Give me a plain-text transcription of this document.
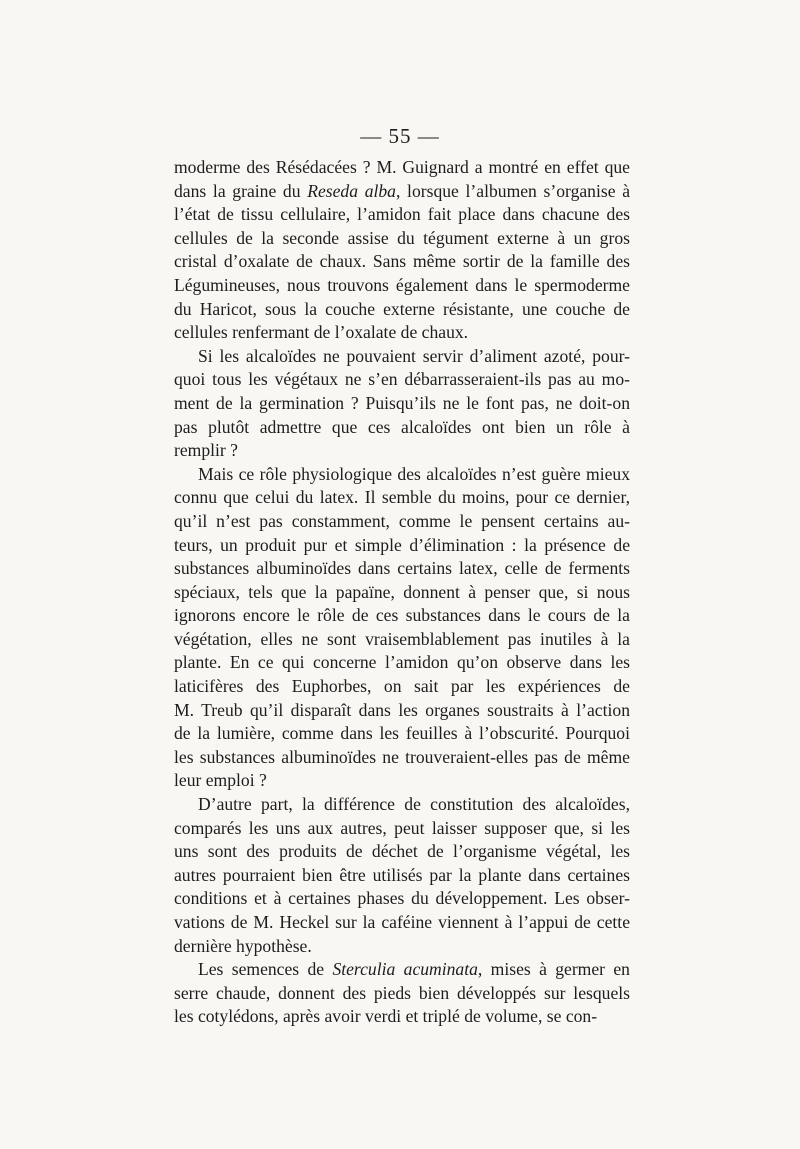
— 55 —
moderme des Résédacées ? M. Guignard a montré en effet que
dans la graine du Reseda alba, lorsque l’albumen s’organise à
l’état de tissu cellulaire, l’amidon fait place dans chacune des
cellules de la seconde assise du tégument externe à un gros
cristal d’oxalate de chaux. Sans même sortir de la famille des
Légumineuses, nous trouvons également dans le spermoderme
du Haricot, sous la couche externe résistante, une couche de
cellules renfermant de l’oxalate de chaux.
Si les alcaloïdes ne pouvaient servir d’aliment azoté, pour-
quoi tous les végétaux ne s’en débarrasseraient-ils pas au mo-
ment de la germination ? Puisqu’ils ne le font pas, ne doit-on
pas plutôt admettre que ces alcaloïdes ont bien un rôle à
remplir ?
Mais ce rôle physiologique des alcaloïdes n’est guère mieux
connu que celui du latex. Il semble du moins, pour ce dernier,
qu’il n’est pas constamment, comme le pensent certains au-
teurs, un produit pur et simple d’élimination : la présence de
substances albuminoïdes dans certains latex, celle de ferments
spéciaux, tels que la papaïne, donnent à penser que, si nous
ignorons encore le rôle de ces substances dans le cours de la
végétation, elles ne sont vraisemblablement pas inutiles à la
plante. En ce qui concerne l’amidon qu’on observe dans les
laticifères des Euphorbes, on sait par les expériences de
M. Treub qu’il disparaît dans les organes soustraits à l’action
de la lumière, comme dans les feuilles à l’obscurité. Pourquoi
les substances albuminoïdes ne trouveraient-elles pas de même
leur emploi ?
D’autre part, la différence de constitution des alcaloïdes,
comparés les uns aux autres, peut laisser supposer que, si les
uns sont des produits de déchet de l’organisme végétal, les
autres pourraient bien être utilisés par la plante dans certaines
conditions et à certaines phases du développement. Les obser-
vations de M. Heckel sur la caféine viennent à l’appui de cette
dernière hypothèse.
Les semences de Sterculia acuminata, mises à germer en
serre chaude, donnent des pieds bien développés sur lesquels
les cotylédons, après avoir verdi et triplé de volume, se con-
